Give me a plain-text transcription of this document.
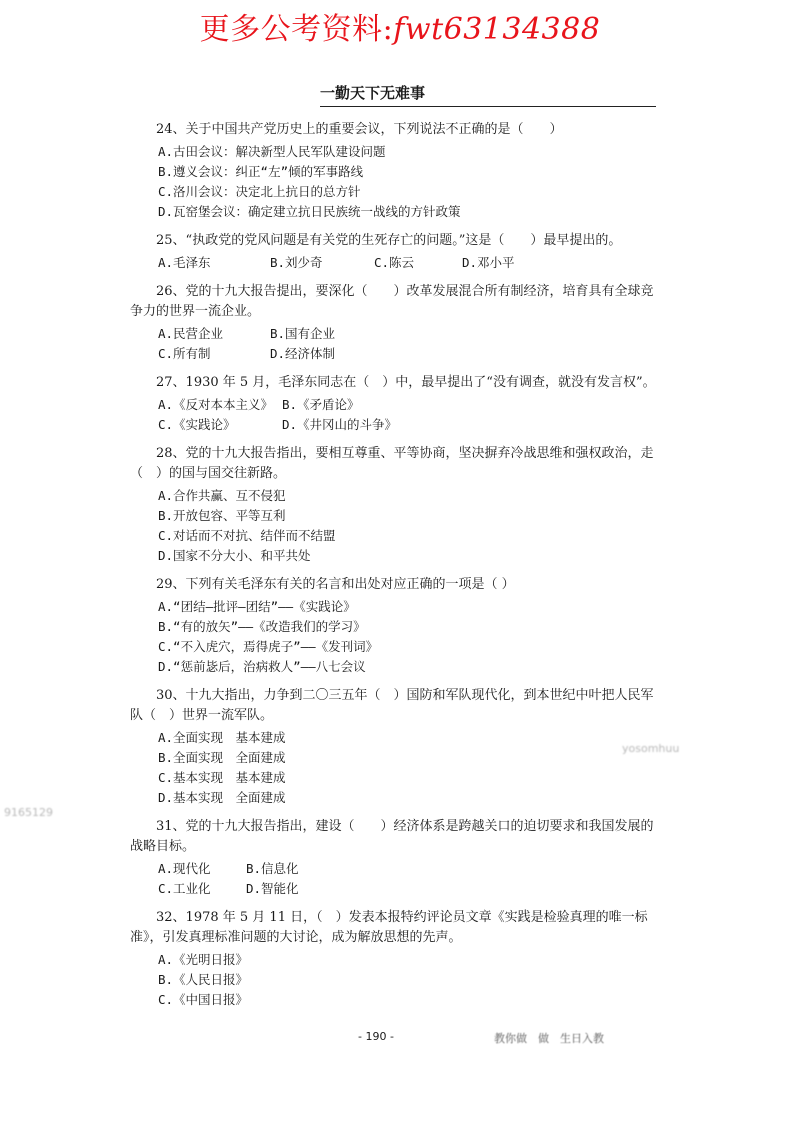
更多公考资料:fwt63134388
一勤天下无难事
24、关于中国共产党历史上的重要会议，下列说法不正确的是（　　）
A.古田会议：解决新型人民军队建设问题
B.遵义会议：纠正“左”倾的军事路线
C.洛川会议：决定北上抗日的总方针
D.瓦窑堡会议：确定建立抗日民族统一战线的方针政策
25、“执政党的党风问题是有关党的生死存亡的问题。”这是（　　）最早提出的。
A.毛泽东	B.刘少奇	C.陈云	D.邓小平
26、党的十九大报告提出，要深化（　　）改革发展混合所有制经济，培育具有全球竞争力的世界一流企业。
A.民营企业	B.国有企业
C.所有制	D.经济体制
27、1930 年 5 月，毛泽东同志在（　）中，最早提出了“没有调查，就没有发言权”。
A.《反对本本主义》 B.《矛盾论》
C.《实践论》	D.《井冈山的斗争》
28、党的十九大报告指出，要相互尊重、平等协商，坚决摒弃冷战思维和强权政治，走（　）的国与国交往新路。
A.合作共赢、互不侵犯
B.开放包容、平等互利
C.对话而不对抗、结伴而不结盟
D.国家不分大小、和平共处
29、下列有关毛泽东有关的名言和出处对应正确的一项是（ ）
A.“团结—批评—团结”——《实践论》
B.“有的放矢”——《改造我们的学习》
C.“不入虎穴，焉得虎子”——《发刊词》
D.“惩前毖后，治病救人”——八七会议
30、十九大指出，力争到二〇三五年（　）国防和军队现代化，到本世纪中叶把人民军队（　）世界一流军队。
A.全面实现　基本建成
B.全面实现　全面建成
C.基本实现　基本建成
D.基本实现　全面建成
31、党的十九大报告指出，建设（　　）经济体系是跨越关口的迫切要求和我国发展的战略目标。
A.现代化	B.信息化
C.工业化	D.智能化
32、1978 年 5 月 11 日，（　）发表本报特约评论员文章《实践是检验真理的唯一标准》，引发真理标准问题的大讨论，成为解放思想的先声。
A.《光明日报》
B.《人民日报》
C.《中国日报》
yosomhuu
9165129
- 190 -	教你做　做　生日入教
